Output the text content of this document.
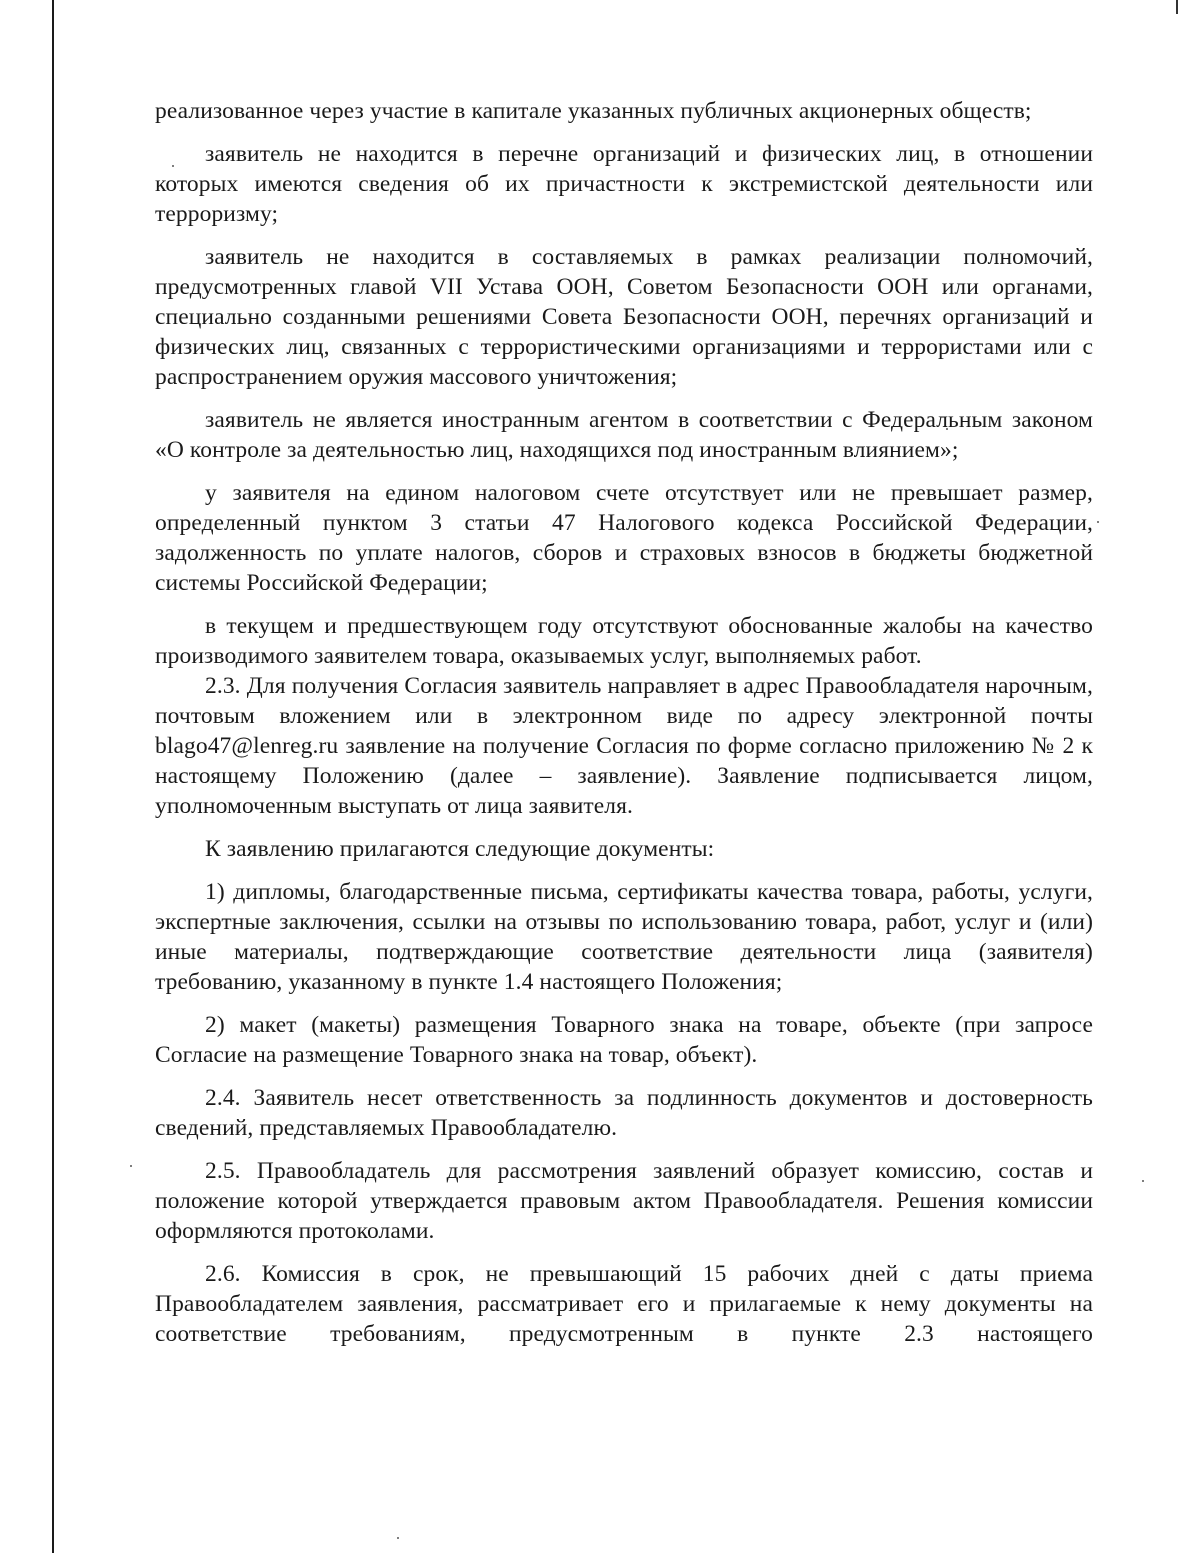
реализованное через участие в капитале указанных публичных акционерных обществ;

заявитель не находится в перечне организаций и физических лиц, в отношении которых имеются сведения об их причастности к экстремистской деятельности или терроризму;

заявитель не находится в составляемых в рамках реализации полномочий, предусмотренных главой VII Устава ООН, Советом Безопасности ООН или органами, специально созданными решениями Совета Безопасности ООН, перечнях организаций и физических лиц, связанных с террористическими организациями и террористами или с распространением оружия массового уничтожения;

заявитель не является иностранным агентом в соответствии с Федеральным законом «О контроле за деятельностью лиц, находящихся под иностранным влиянием»;

у заявителя на едином налоговом счете отсутствует или не превышает размер, определенный пунктом 3 статьи 47 Налогового кодекса Российской Федерации, задолженность по уплате налогов, сборов и страховых взносов в бюджеты бюджетной системы Российской Федерации;

в текущем и предшествующем году отсутствуют обоснованные жалобы на качество производимого заявителем товара, оказываемых услуг, выполняемых работ.

2.3. Для получения Согласия заявитель направляет в адрес Правообладателя нарочным, почтовым вложением или в электронном виде по адресу электронной почты blago47@lenreg.ru заявление на получение Согласия по форме согласно приложению № 2 к настоящему Положению (далее – заявление). Заявление подписывается лицом, уполномоченным выступать от лица заявителя.

К заявлению прилагаются следующие документы:

1) дипломы, благодарственные письма, сертификаты качества товара, работы, услуги, экспертные заключения, ссылки на отзывы по использованию товара, работ, услуг и (или) иные материалы, подтверждающие соответствие деятельности лица (заявителя) требованию, указанному в пункте 1.4 настоящего Положения;

2) макет (макеты) размещения Товарного знака на товаре, объекте (при запросе Согласие на размещение Товарного знака на товар, объект).

2.4. Заявитель несет ответственность за подлинность документов и достоверность сведений, представляемых Правообладателю.

2.5. Правообладатель для рассмотрения заявлений образует комиссию, состав и положение которой утверждается правовым актом Правообладателя. Решения комиссии оформляются протоколами.

2.6. Комиссия в срок, не превышающий 15 рабочих дней с даты приема Правообладателем заявления, рассматривает его и прилагаемые к нему документы на соответствие требованиям, предусмотренным в пункте 2.3 настоящего
